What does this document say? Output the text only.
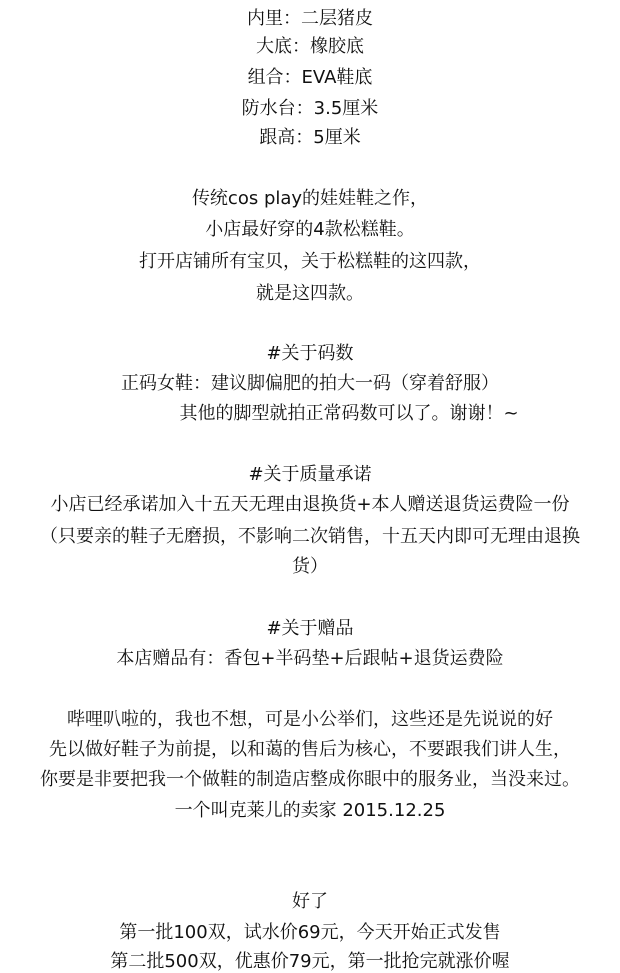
内里：二层猪皮
大底：橡胶底
组合：EVA鞋底
防水台：3.5厘米
跟高：5厘米
传统cos play的娃娃鞋之作，
小店最好穿的4款松糕鞋。
打开店铺所有宝贝，关于松糕鞋的这四款，
就是这四款。
#关于码数
正码女鞋：建议脚偏肥的拍大一码（穿着舒服）
其他的脚型就拍正常码数可以了。谢谢！~
#关于质量承诺
小店已经承诺加入十五天无理由退换货+本人赠送退货运费险一份
（只要亲的鞋子无磨损，不影响二次销售，十五天内即可无理由退换
货）
#关于赠品
本店赠品有：香包+半码垫+后跟帖+退货运费险
哔哩叭啦的，我也不想，可是小公举们，这些还是先说说的好
先以做好鞋子为前提，以和蔼的售后为核心，不要跟我们讲人生，
你要是非要把我一个做鞋的制造店整成你眼中的服务业，当没来过。
一个叫克莱儿的卖家 2015.12.25
好了
第一批100双，试水价69元，今天开始正式发售
第二批500双，优惠价79元，第一批抢完就涨价喔
